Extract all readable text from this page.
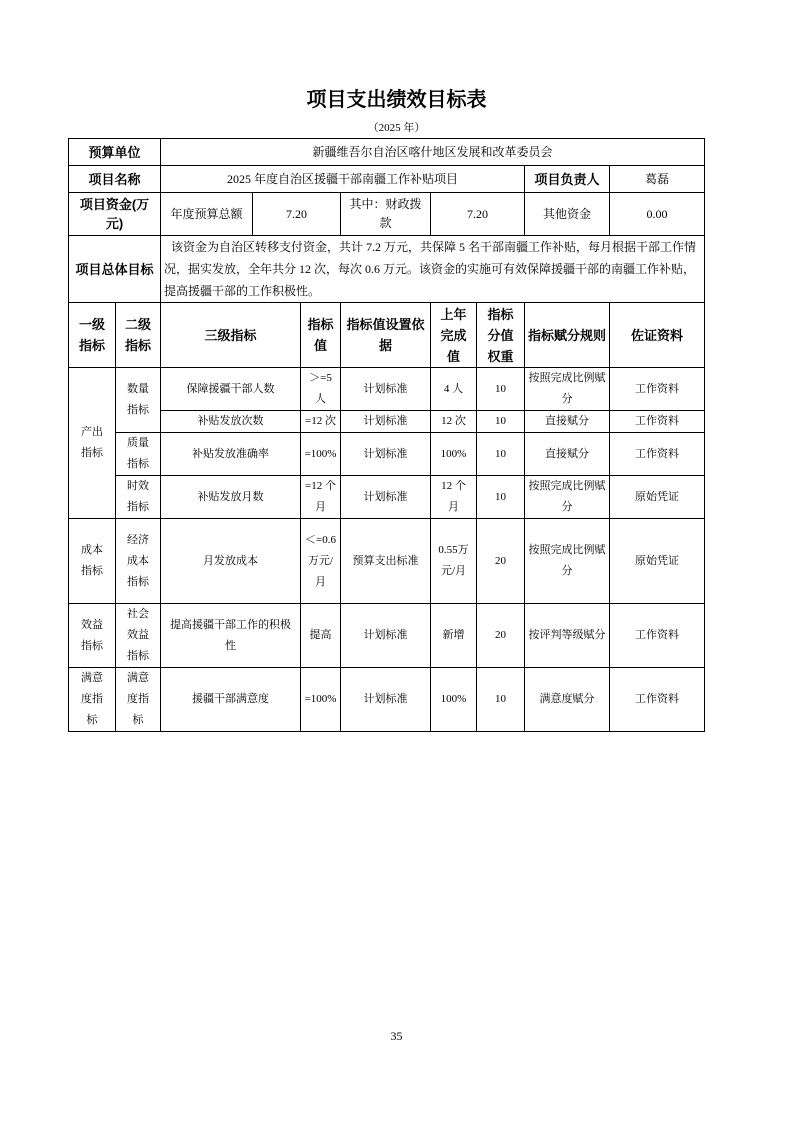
项目支出绩效目标表
（2025 年）
预算单位		新疆维吾尔自治区喀什地区发展和改革委员会							
项目名称		2025 年度自治区援疆干部南疆工作补贴项目						项目负责人	葛磊
项目资金(万元)		年度预算总额	7.20		其中：财政拨款	7.20		其他资金	0.00
项目总体目标		该资金为自治区转移支付资金，共计 7.2 万元，共保障 5 名干部南疆工作补贴，每月根据干部工作情况，据实发放，全年共分 12 次，每次 0.6 万元。该资金的实施可有效保障援疆干部的南疆工作补贴，提高援疆干部的工作积极性。							
一级指标	二级指标	三级指标		指标值	指标值设置依据	上年完成值	指标分值权重	指标赋分规则	佐证资料
产出指标	数量指标	保障援疆干部人数		＞=5 人	计划标准	4 人	10	按照完成比例赋分	工作资料
		补贴发放次数		=12 次	计划标准	12 次	10	直接赋分	工作资料
	质量指标	补贴发放准确率		=100%	计划标准	100%	10	直接赋分	工作资料
	时效指标	补贴发放月数		=12 个月	计划标准	12 个月	10	按照完成比例赋分	原始凭证
成本指标	经济成本指标	月发放成本		＜=0.6万元/月	预算支出标准	0.55万元/月	20	按照完成比例赋分	原始凭证
效益指标	社会效益指标	提高援疆干部工作的积极性		提高	计划标准	新增	20	按评判等级赋分	工作资料
满意度指标	满意度指标	援疆干部满意度		=100%	计划标准	100%	10	满意度赋分	工作资料
35
